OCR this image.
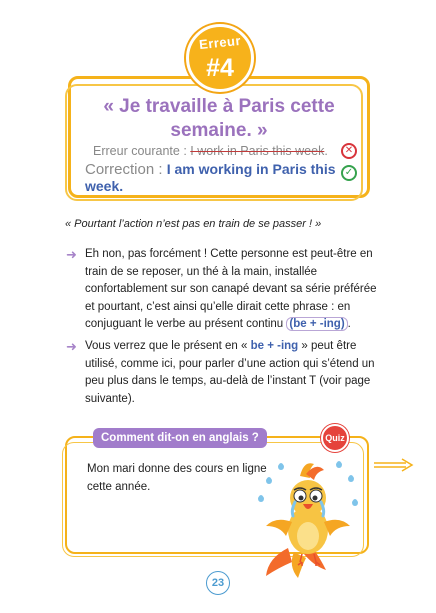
Erreur
#4
« Je travaille à Paris cette semaine. »
Erreur courante : I work in Paris this week.	✕
Correction : I am working in Paris this week.
✓
« Pourtant l’action n’est pas en train de se passer ! »
➜ Eh non, pas forcément ! Cette personne est peut-être en train de se reposer, un thé à la main, installée confortablement sur son canapé devant sa série préférée et pourtant, c’est ainsi qu’elle dirait cette phrase : en conjuguant le verbe au présent continu (be + -ing) .
➜ Vous verrez que le présent en « be + -ing » peut être utilisé, comme ici, pour parler d’une action qui s’étend un peu plus dans le temps, au-delà de l’instant T (voir page suivante).
Comment dit-on en anglais ?	Quiz
Mon mari donne des cours en ligne cette année.
23
